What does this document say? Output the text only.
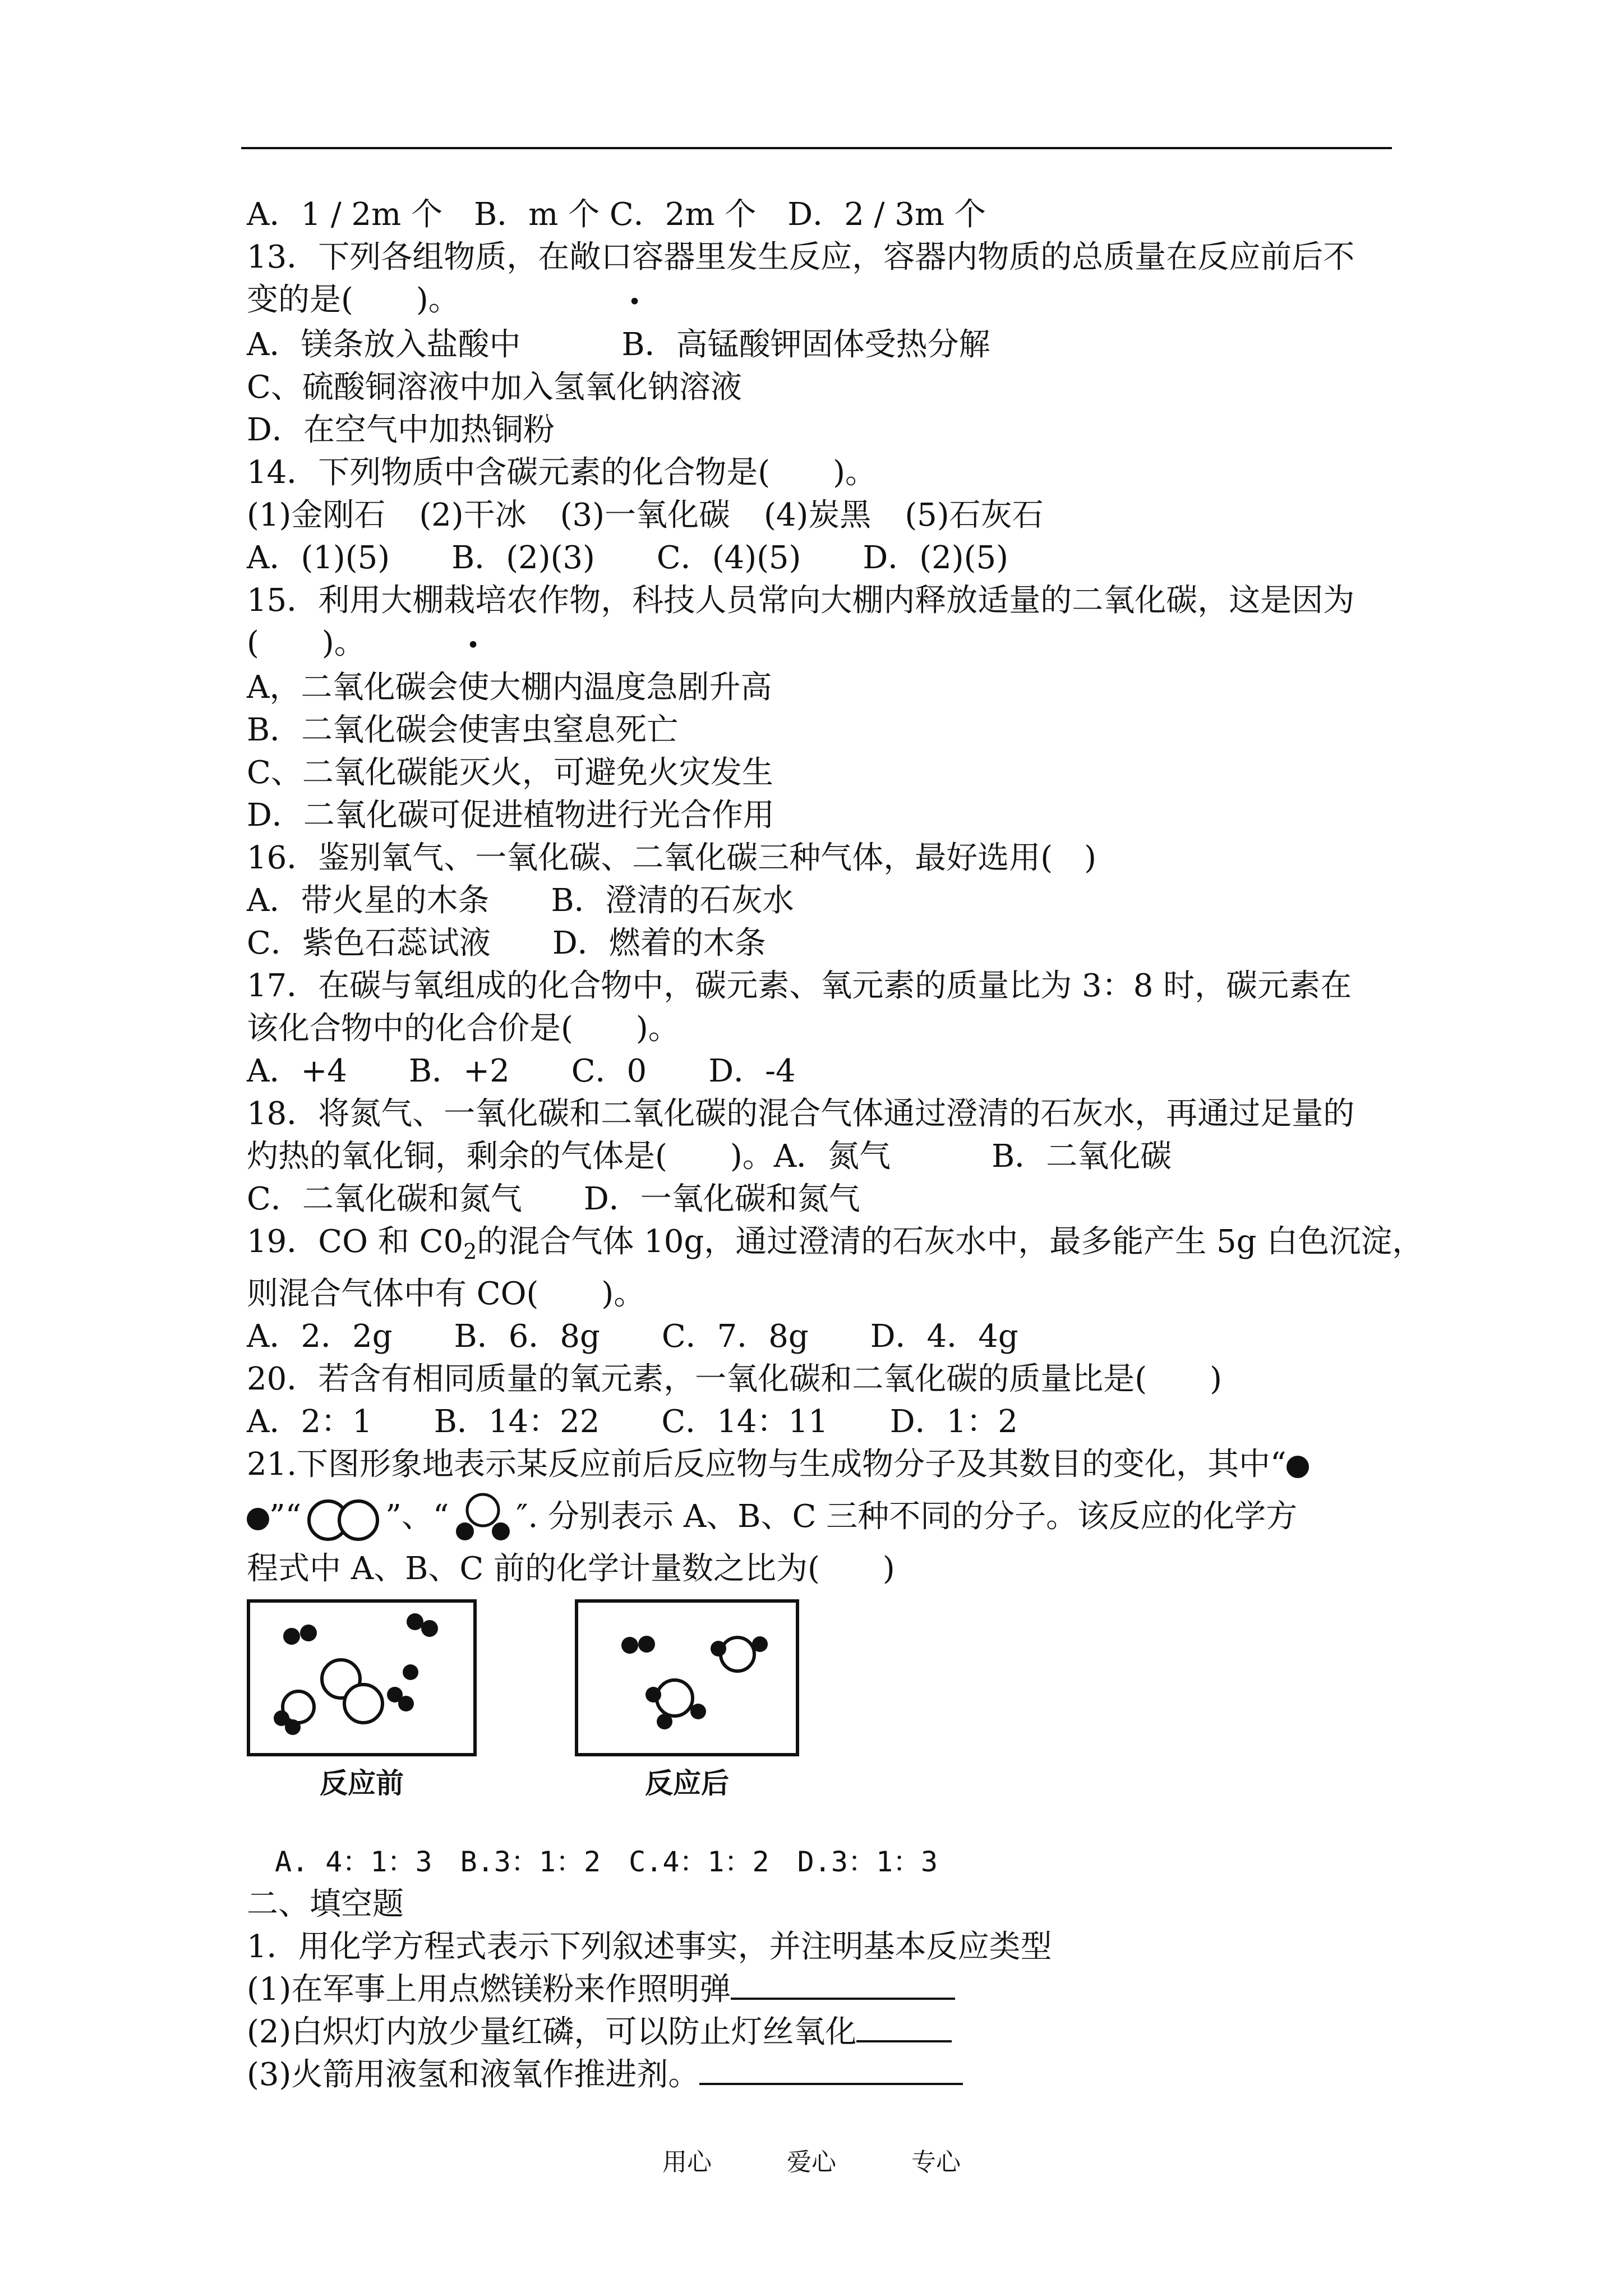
A．1 / 2m 个　B．m 个 C．2m 个　D．2 / 3m 个
13．下列各组物质，在敞口容器里发生反应，容器内物质的总质量在反应前后不
变的是(　　)。	•
A．镁条放入盐酸中	B．高锰酸钾固体受热分解
C、硫酸铜溶液中加入氢氧化钠溶液
D．在空气中加热铜粉
14．下列物质中含碳元素的化合物是(　　)。
(1)金刚石 (2)干冰 (3)一氧化碳 (4)炭黑 (5)石灰石
A．(1)(5) B．(2)(3) C．(4)(5) D．(2)(5)
15．利用大棚栽培农作物，科技人员常向大棚内释放适量的二氧化碳，这是因为
(　　)。	•
A，二氧化碳会使大棚内温度急剧升高
B．二氧化碳会使害虫窒息死亡
C、二氧化碳能灭火，可避免火灾发生
D．二氧化碳可促进植物进行光合作用
16．鉴别氧气、一氧化碳、二氧化碳三种气体，最好选用(　)
A．带火星的木条 B．澄清的石灰水
C．紫色石蕊试液 D．燃着的木条
17．在碳与氧组成的化合物中，碳元素、氧元素的质量比为 3：8 时，碳元素在
该化合物中的化合价是(　　)。
A．+4 B．+2 C．0 D．-4
18．将氮气、一氧化碳和二氧化碳的混合气体通过澄清的石灰水，再通过足量的
灼热的氧化铜，剩余的气体是(　　)。A．氮气	B．二氧化碳
C．二氧化碳和氮气 D．一氧化碳和氮气
19．CO 和 $C0_2$的混合气体 10g，通过澄清的石灰水中，最多能产生 5g 白色沉淀，
则混合气体中有 CO(　　)。
A．2．2g B．6．8g C．7．8g D．4．4g
20．若含有相同质量的氧元素，一氧化碳和二氧化碳的质量比是(　　)
A．2：1 B．14：22 C．14：11 D．1：2
21.下图形象地表示某反应前后反应物与生成物分子及其数目的变化，其中“
”“	”、“ ″. 分别表示 A、B、C 三种不同的分子。该反应的化学方
程式中 A、B、C 前的化学计量数之比为(　　)
反应前	反应后
A. 4：1：3　B.3：1：2　C.4：1：2　D.3：1：3
二、填空题
1．用化学方程式表示下列叙述事实，并注明基本反应类型
(1)在军事上用点燃镁粉来作照明弹
(2)白炽灯内放少量红磷，可以防止灯丝氧化
(3)火箭用液氢和液氧作推进剂。
用心	爱心	专心
